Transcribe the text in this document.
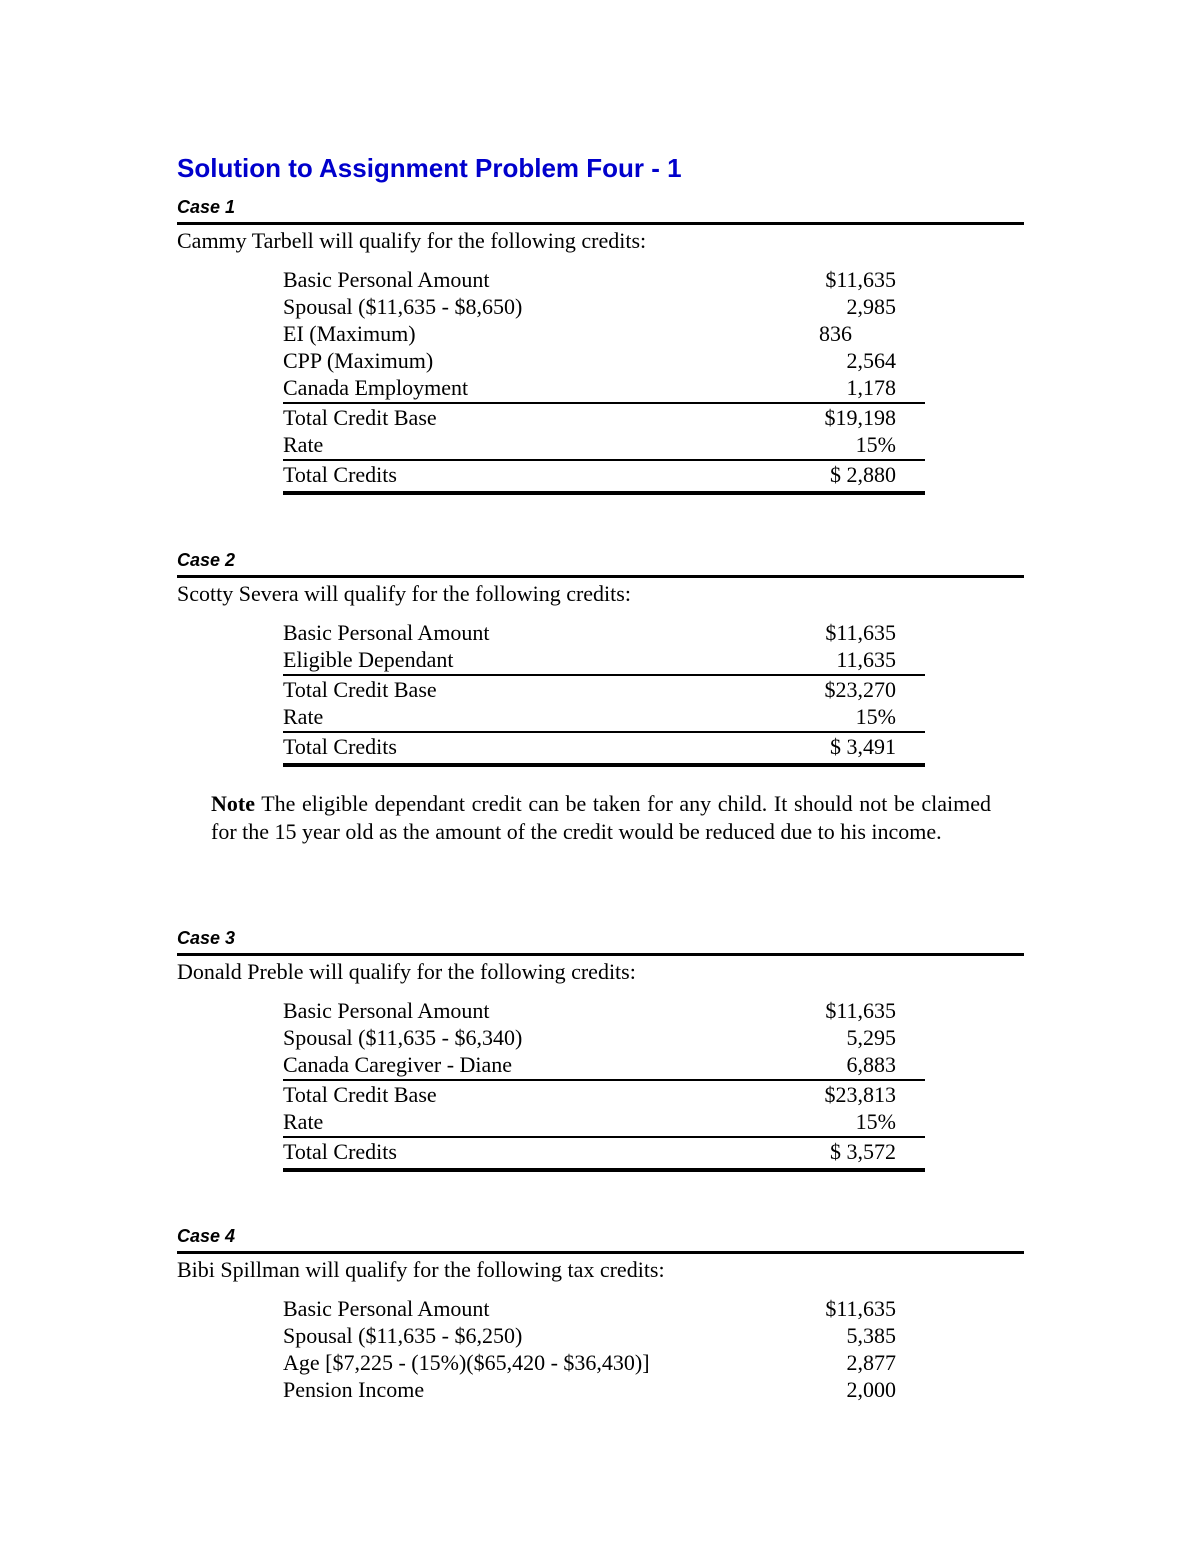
Solution to Assignment Problem Four - 1
Case 1
Cammy Tarbell will qualify for the following credits:
Basic Personal Amount	$11,635
Spousal ($11,635 - $8,650)	2,985
EI (Maximum)	836
CPP (Maximum)	2,564
Canada Employment	1,178
Total Credit Base	$19,198
Rate	15%
Total Credits	$ 2,880
Case 2
Scotty Severa will qualify for the following credits:
Basic Personal Amount	$11,635
Eligible Dependant	11,635
Total Credit Base	$23,270
Rate	15%
Total Credits	$ 3,491
Note The eligible dependant credit can be taken for any child. It should not be claimed for the 15 year old as the amount of the credit would be reduced due to his income.
Case 3
Donald Preble will qualify for the following credits:
Basic Personal Amount	$11,635
Spousal ($11,635 - $6,340)	5,295
Canada Caregiver - Diane	6,883
Total Credit Base	$23,813
Rate	15%
Total Credits	$ 3,572
Case 4
Bibi Spillman will qualify for the following tax credits:
Basic Personal Amount	$11,635
Spousal ($11,635 - $6,250)	5,385
Age [$7,225 - (15%)($65,420 - $36,430)]	2,877
Pension Income	2,000
